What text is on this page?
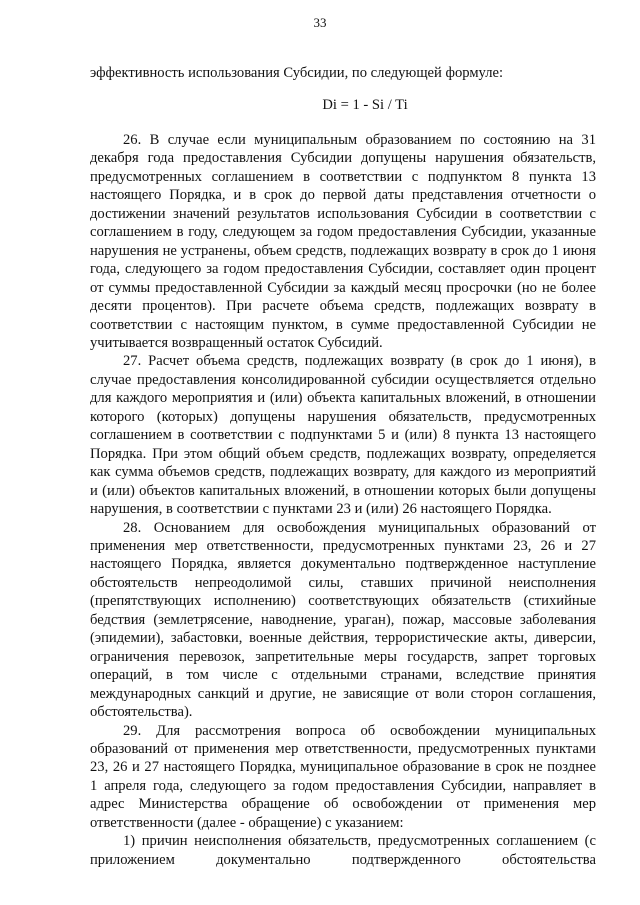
33
эффективность использования Субсидии, по следующей формуле:
Di = 1 - Si / Ti

26. В случае если муниципальным образованием по состоянию на 31 декабря года предоставления Субсидии допущены нарушения обязательств, предусмотренных соглашением в соответствии с подпунктом 8 пункта 13 настоящего Порядка, и в срок до первой даты представления отчетности о достижении значений результатов использования Субсидии в соответствии с соглашением в году, следующем за годом предоставления Субсидии, указанные нарушения не устранены, объем средств, подлежащих возврату в срок до 1 июня года, следующего за годом предоставления Субсидии, составляет один процент от суммы предоставленной Субсидии за каждый месяц просрочки (но не более десяти процентов). При расчете объема средств, подлежащих возврату в соответствии с настоящим пунктом, в сумме предоставленной Субсидии не учитывается возвращенный остаток Субсидий.

27. Расчет объема средств, подлежащих возврату (в срок до 1 июня), в случае предоставления консолидированной субсидии осуществляется отдельно для каждого мероприятия и (или) объекта капитальных вложений, в отношении которого (которых) допущены нарушения обязательств, предусмотренных соглашением в соответствии с подпунктами 5 и (или) 8 пункта 13 настоящего Порядка. При этом общий объем средств, подлежащих возврату, определяется как сумма объемов средств, подлежащих возврату, для каждого из мероприятий и (или) объектов капитальных вложений, в отношении которых были допущены нарушения, в соответствии с пунктами 23 и (или) 26 настоящего Порядка.

28. Основанием для освобождения муниципальных образований от применения мер ответственности, предусмотренных пунктами 23, 26 и 27 настоящего Порядка, является документально подтвержденное наступление обстоятельств непреодолимой силы, ставших причиной неисполнения (препятствующих исполнению) соответствующих обязательств (стихийные бедствия (землетрясение, наводнение, ураган), пожар, массовые заболевания (эпидемии), забастовки, военные действия, террористические акты, диверсии, ограничения перевозок, запретительные меры государств, запрет торговых операций, в том числе с отдельными странами, вследствие принятия международных санкций и другие, не зависящие от воли сторон соглашения, обстоятельства).

29. Для рассмотрения вопроса об освобождении муниципальных образований от применения мер ответственности, предусмотренных пунктами 23, 26 и 27 настоящего Порядка, муниципальное образование в срок не позднее 1 апреля года, следующего за годом предоставления Субсидии, направляет в адрес Министерства обращение об освобождении от применения мер ответственности (далее - обращение) с указанием:

1) причин неисполнения обязательств, предусмотренных соглашением (с приложением документально подтвержденного обстоятельства
